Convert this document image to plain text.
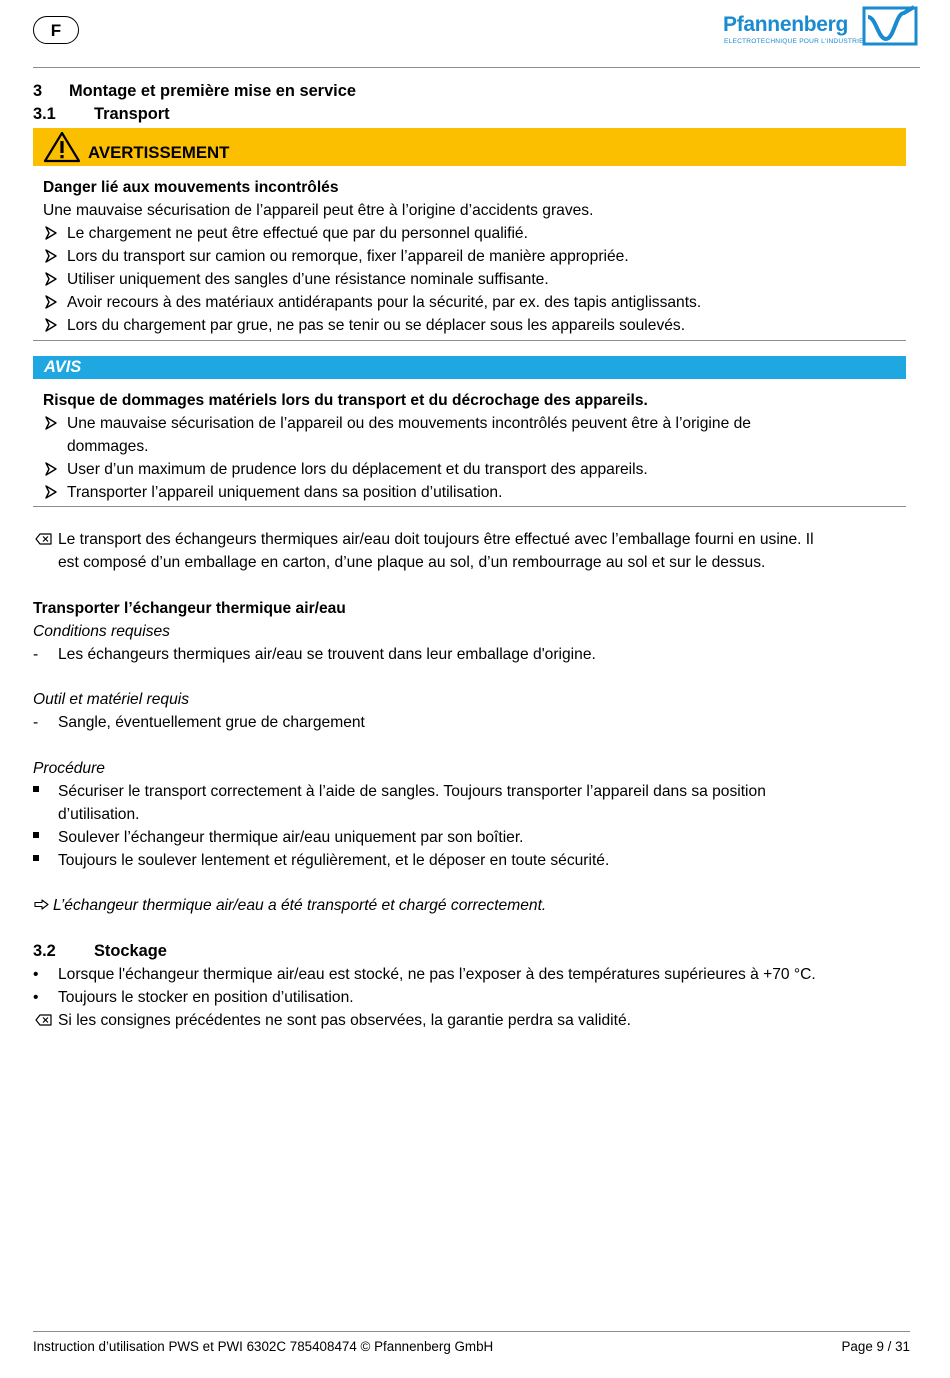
F	Pfannenberg
ELECTROTECHNIQUE POUR L'INDUSTRIE
3 Montage et première mise en service
3.1 Transport
AVERTISSEMENT
Danger lié aux mouvements incontrôlés
Une mauvaise sécurisation de l’appareil peut être à l’origine d’accidents graves.
Le chargement ne peut être effectué que par du personnel qualifié.
Lors du transport sur camion ou remorque, fixer l’appareil de manière appropriée.
Utiliser uniquement des sangles d’une résistance nominale suffisante.
Avoir recours à des matériaux antidérapants pour la sécurité, par ex. des tapis antiglissants.
Lors du chargement par grue, ne pas se tenir ou se déplacer sous les appareils soulevés.
AVIS
Risque de dommages matériels lors du transport et du décrochage des appareils.
Une mauvaise sécurisation de l’appareil ou des mouvements incontrôlés peuvent être à l’origine de
dommages.
User d’un maximum de prudence lors du déplacement et du transport des appareils.
Transporter l’appareil uniquement dans sa position d’utilisation.
Le transport des échangeurs thermiques air/eau doit toujours être effectué avec l’emballage fourni en usine. Il
est composé d’un emballage en carton, d’une plaque au sol, d’un rembourrage au sol et sur le dessus.
Transporter l’échangeur thermique air/eau
Conditions requises
- Les échangeurs thermiques air/eau se trouvent dans leur emballage d'origine.
Outil et matériel requis
- Sangle, éventuellement grue de chargement
Procédure
Sécuriser le transport correctement à l’aide de sangles. Toujours transporter l’appareil dans sa position
d’utilisation.
Soulever l’échangeur thermique air/eau uniquement par son boîtier.
Toujours le soulever lentement et régulièrement, et le déposer en toute sécurité.
L’échangeur thermique air/eau a été transporté et chargé correctement.
3.2 Stockage
• Lorsque l'échangeur thermique air/eau est stocké, ne pas l’exposer à des températures supérieures à +70 °C.
• Toujours le stocker en position d’utilisation.
Si les consignes précédentes ne sont pas observées, la garantie perdra sa validité.
Instruction d’utilisation PWS et PWI 6302C 785408474 © Pfannenberg GmbH	Page 9 / 31
